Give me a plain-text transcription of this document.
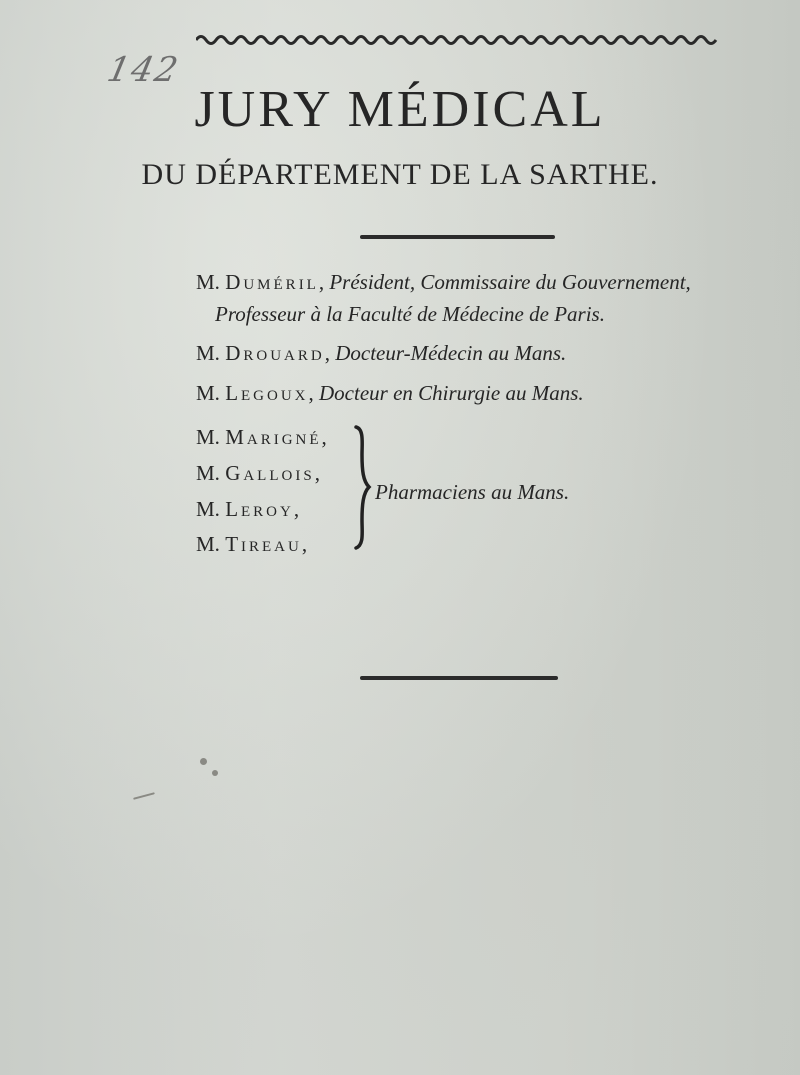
142
JURY MÉDICAL
DU DÉPARTEMENT DE LA SARTHE.
M. Duméril, Président, Commissaire du Gouvernement,
Professeur à la Faculté de Médecine de Paris.
M. Drouard, Docteur-Médecin au Mans.
M. Legoux, Docteur en Chirurgie au Mans.
M. Marigné,
M. Gallois,
M. Leroy,
M. Tireau,
Pharmaciens au Mans.
